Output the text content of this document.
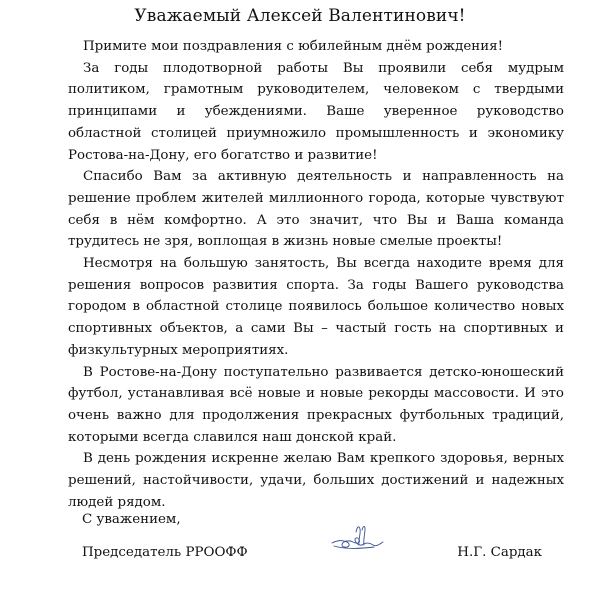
Уважаемый Алексей Валентинович!

Примите мои поздравления с юбилейным днём рождения!

За годы плодотворной работы Вы проявили себя мудрым политиком, грамотным руководителем, человеком с твердыми принципами и убеждениями. Ваше уверенное руководство областной столицей приумножило промышленность и экономику Ростова-на-Дону, его богатство и развитие!

Спасибо Вам за активную деятельность и направленность на решение проблем жителей миллионного города, которые чувствуют себя в нём комфортно. А это значит, что Вы и Ваша команда трудитесь не зря, воплощая в жизнь новые смелые проекты!

Несмотря на большую занятость, Вы всегда находите время для решения вопросов развития спорта. За годы Вашего руководства городом в областной столице появилось большое количество новых спортивных объектов, а сами Вы – частый гость на спортивных и физкультурных мероприятиях.

В Ростове-на-Дону поступательно развивается детско-юношеский футбол, устанавливая всё новые и новые рекорды массовости. И это очень важно для продолжения прекрасных футбольных традиций, которыми всегда славился наш донской край.

В день рождения искренне желаю Вам крепкого здоровья, верных решений, настойчивости, удачи, больших достижений и надежных людей рядом.

С уважением,
Председатель РРООФФ	Н.Г. Сардак
